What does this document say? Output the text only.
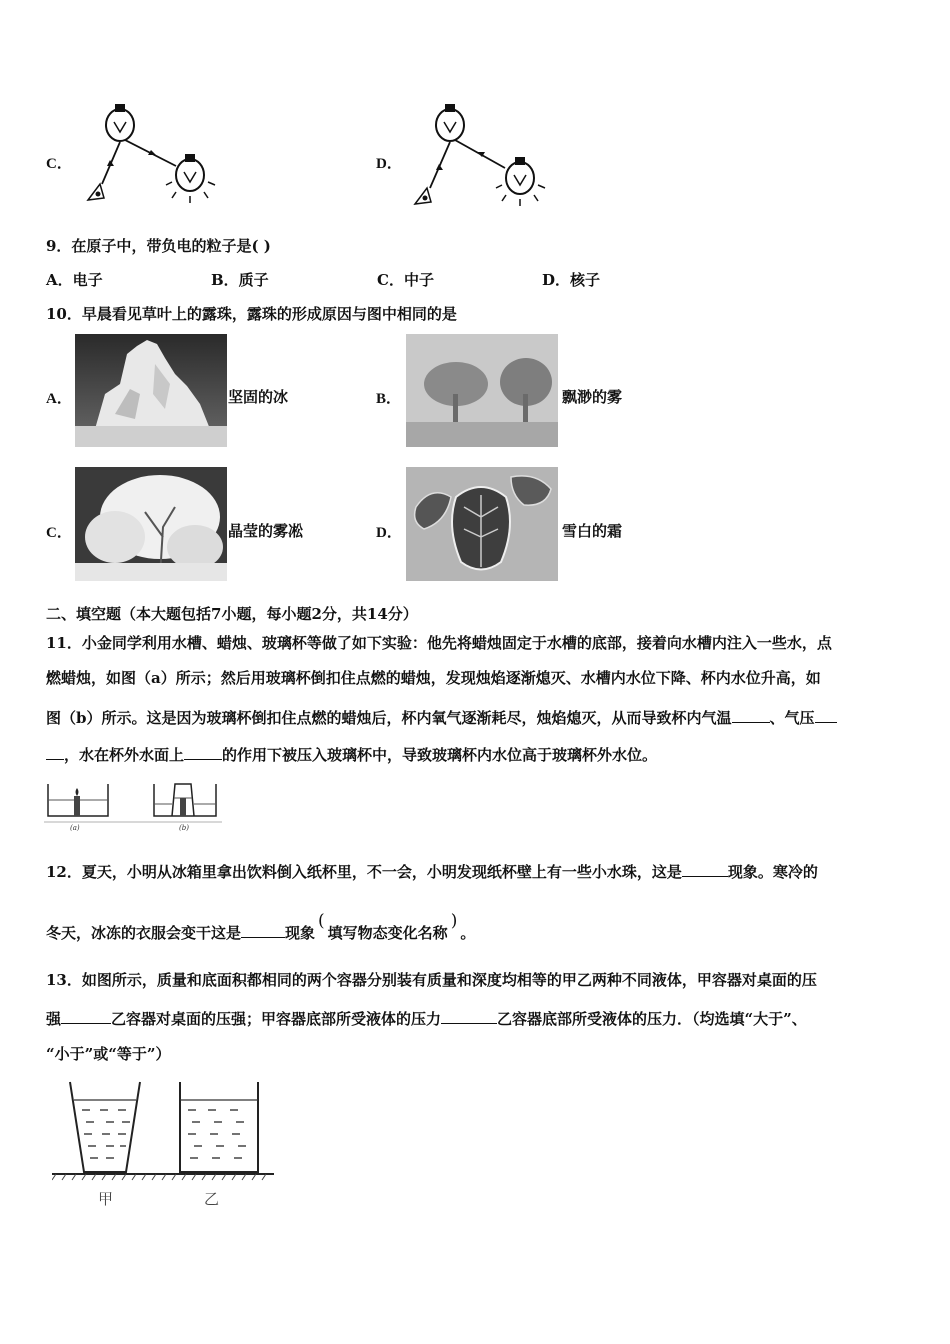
C．	D．
9．在原子中，带负电的粒子是( )
A．电子	B．质子	C．中子	D．核子
10．早晨看见草叶上的露珠，露珠的形成原因与图中相同的是
A．	坚固的冰	B．	飘渺的雾
C．	晶莹的雾凇	D．	雪白的霜
二、填空题（本大题包括7小题，每小题2分，共14分）
11．小金同学利用水槽、蜡烛、玻璃杯等做了如下实验：他先将蜡烛固定于水槽的底部，接着向水槽内注入一些水，点
燃蜡烛，如图（a）所示；然后用玻璃杯倒扣住点燃的蜡烛，发现烛焰逐渐熄灭、水槽内水位下降、杯内水位升高，如
图（b）所示。这是因为玻璃杯倒扣住点燃的蜡烛后，杯内氧气逐渐耗尽，烛焰熄灭，从而导致杯内气温	、气压
，水在杯外水面上	的作用下被压入玻璃杯中，导致玻璃杯内水位高于玻璃杯外水位。
(a)	(b)
12．夏天，小明从冰箱里拿出饮料倒入纸杯里，不一会，小明发现纸杯壁上有一些小水珠，这是	现象。寒冷的
冬天，冰冻的衣服会变干这是	现象(填写物态变化名称)。
13．如图所示，质量和底面积都相同的两个容器分别装有质量和深度均相等的甲乙两种不同液体，甲容器对桌面的压
强	乙容器对桌面的压强；甲容器底部所受液体的压力	乙容器底部所受液体的压力．（均选填“大于”、
“小于”或“等于”）
甲	乙
